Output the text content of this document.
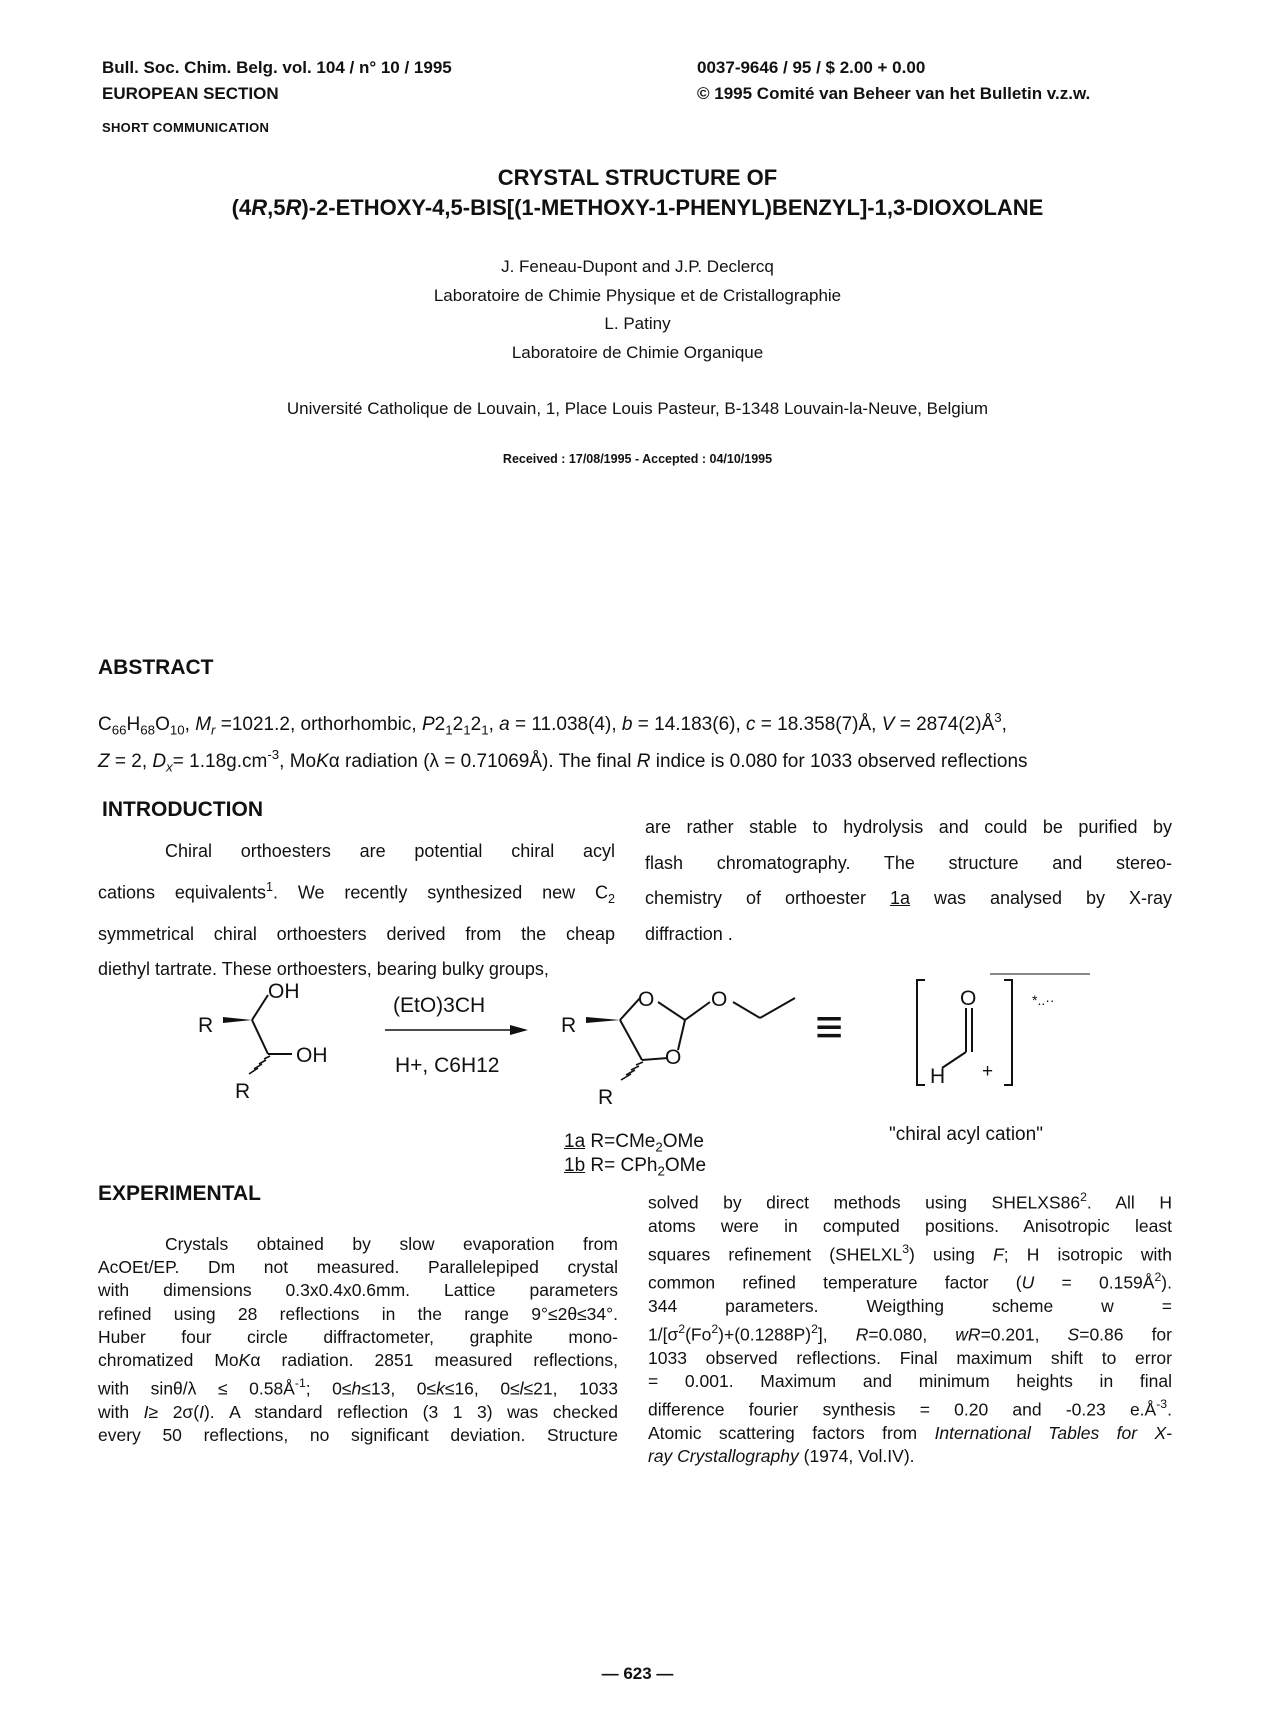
Bull. Soc. Chim. Belg. vol. 104 / n° 10 / 1995
EUROPEAN SECTION
SHORT COMMUNICATION
0037-9646 / 95 / $ 2.00 + 0.00
© 1995 Comité van Beheer van het Bulletin v.z.w.
CRYSTAL STRUCTURE OF
(4R,5R)-2-ETHOXY-4,5-BIS[(1-METHOXY-1-PHENYL)BENZYL]-1,3-DIOXOLANE
J. Feneau-Dupont and J.P. Declercq
Laboratoire de Chimie Physique et de Cristallographie
L. Patiny
Laboratoire de Chimie Organique
Université Catholique de Louvain, 1, Place Louis Pasteur, B-1348 Louvain-la-Neuve, Belgium
Received : 17/08/1995 - Accepted : 04/10/1995
ABSTRACT
$C_{66}H_{68}O_{10}$, $M_r =1021.2$, orthorhombic, $P2_12_12_1$, a = 11.038(4), b = 14.183(6), c = 18.358(7)Å, $V = 2874(2)Å^3$,
Z = 2, $D_x= 1.18g.cm^{-3}$, MoKα radiation (λ = 0.71069Å). The final R indice is 0.080 for 1033 observed reflections
INTRODUCTION
Chiral orthoesters are potential chiral acyl
cations equivalents$^1$. We recently synthesized new $C_2$
symmetrical chiral orthoesters derived from the cheap
diethyl tartrate. These orthoesters, bearing bulky groups,
are rather stable to hydrolysis and could be purified by
flash chromatography. The structure and stereo-
chemistry of orthoester 1a was analysed by X-ray
diffraction .
R
OH
OH
R
(EtO)3CH
H+, C6H12
R
O
O
O
R
≡
O
H +
*..··
1a R=CMe$_2$OMe
1b R= CPh$_2$OMe
"chiral acyl cation"
EXPERIMENTAL
Crystals obtained by slow evaporation from
AcOEt/EP. Dm not measured. Parallelepiped crystal
with dimensions 0.3x0.4x0.6mm. Lattice parameters
refined using 28 reflections in the range 9°≤2θ≤34°.
Huber four circle diffractometer, graphite mono-
chromatized MoKα radiation. 2851 measured reflections,
with $\sin\theta/\lambda \le 0.58Å^{-1}$; 0≤h≤13, 0≤k≤16, 0≤l≤21, 1033
with I≥ 2σ(I). A standard reflection (3 1 3) was checked
every 50 reflections, no significant deviation. Structure
solved by direct methods using $SHELXS86^2$. All H
atoms were in computed positions. Anisotropic least
squares refinement (SHELXL$^3$) using F; H isotropic with
common refined temperature factor $(U = 0.159Å^2)$.
344 parameters. Weigthing scheme w =
$1/[\sigma^2(Fo^2)+(0.1288P)^2]$, R=0.080, wR=0.201, S=0.86 for
1033 observed reflections. Final maximum shift to error
= 0.001. Maximum and minimum heights in final
difference fourier synthesis = 0.20 and -0.23 $e.Å^{-3}$.
Atomic scattering factors from International Tables for X-
ray Crystallography (1974, Vol.IV).
— 623 —
